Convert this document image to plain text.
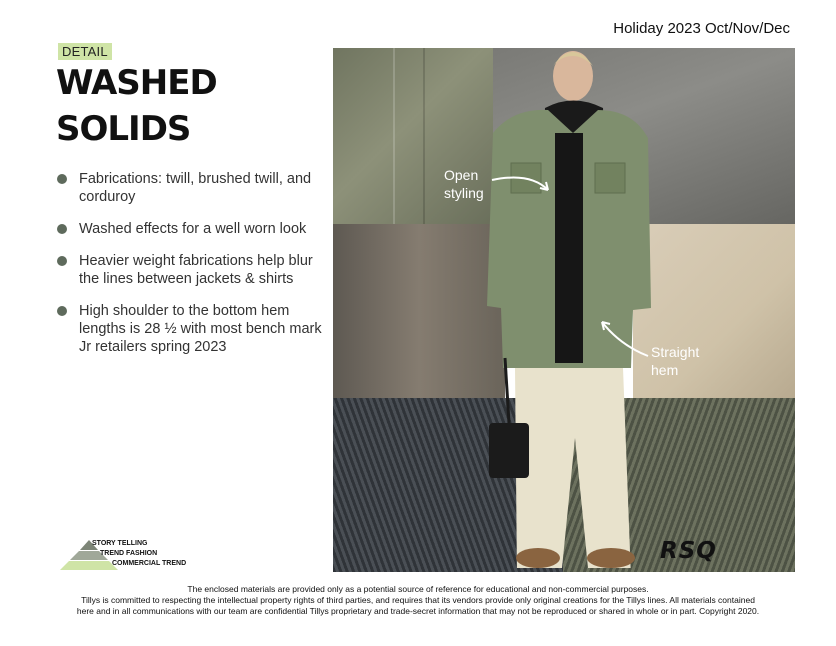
Holiday 2023 Oct/Nov/Dec
DETAIL
WASHED
SOLIDS
Fabrications: twill, brushed twill, and corduroy
Washed effects for a well worn look
Heavier weight fabrications help blur the lines between jackets & shirts
High shoulder to the bottom hem lengths is 28 ½ with most bench mark Jr retailers spring 2023
Open
styling
Straight
hem
RSQ
STORY TELLING
TREND FASHION
COMMERCIAL TREND
The enclosed materials are provided only as a potential source of reference for educational and non-commercial purposes.
Tillys is committed to respecting the intellectual property rights of third parties, and requires that its vendors provide only original creations for the Tillys lines. All materials contained
here and in all communications with our team are confidential Tillys proprietary and trade-secret information that may not be reproduced or shared in whole or in part. Copyright 2020.
